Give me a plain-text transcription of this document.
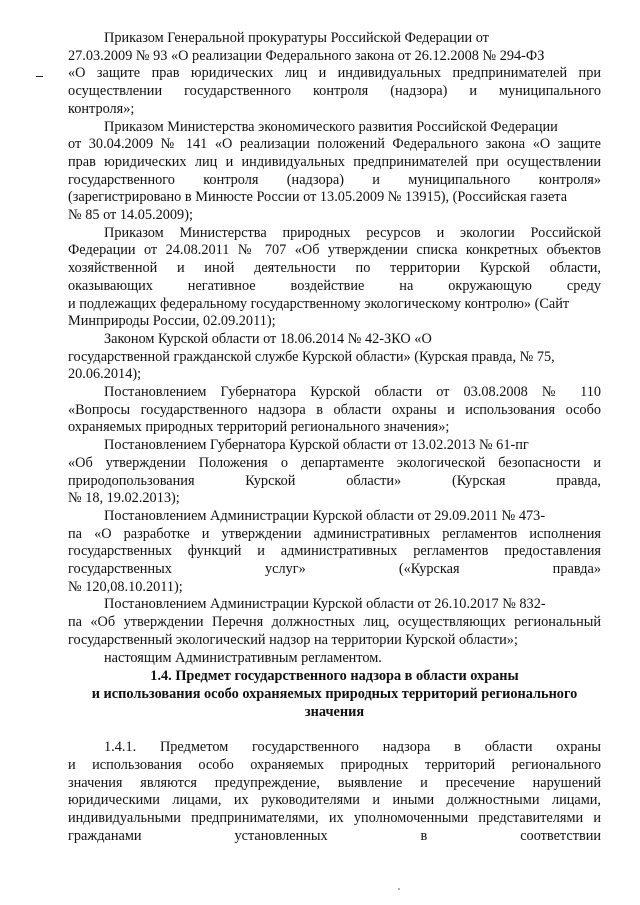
Приказом Генеральной прокуратуры Российской Федерации от
27.03.2009 № 93 «О реализации Федерального закона от 26.12.2008 № 294-ФЗ
«О защите прав юридических лиц и индивидуальных предпринимателей при
осуществлении государственного контроля (надзора) и муниципального
контроля»;
Приказом Министерства экономического развития Российской Федерации
от 30.04.2009 № 141 «О реализации положений Федерального закона «О защите
прав юридических лиц и индивидуальных предпринимателей при осуществлении
государственного контроля (надзора) и муниципального контроля»
(зарегистрировано в Минюсте России от 13.05.2009 № 13915), (Российская газета
№ 85 от 14.05.2009);
Приказом Министерства природных ресурсов и экологии Российской
Федерации от 24.08.2011 № 707 «Об утверждении списка конкретных объектов
хозяйственной и иной деятельности по территории Курской области,
оказывающих негативное воздействие на окружающую среду
и подлежащих федеральному государственному экологическому контролю» (Сайт
Минприроды России, 02.09.2011);
Законом Курской области от 18.06.2014 № 42-ЗКО «О
государственной гражданской службе Курской области» (Курская правда, № 75,
20.06.2014);
Постановлением Губернатора Курской области от 03.08.2008 № 110
«Вопросы государственного надзора в области охраны и использования особо
охраняемых природных территорий регионального значения»;
Постановлением Губернатора Курской области от 13.02.2013 № 61-пг
«Об утверждении Положения о департаменте экологической безопасности и
природопользования Курской области» (Курская правда,
№ 18, 19.02.2013);
Постановлением Администрации Курской области от 29.09.2011 № 473-
па «О разработке и утверждении административных регламентов исполнения
государственных функций и административных регламентов предоставления
государственных услуг» («Курская правда»
№ 120,08.10.2011);
Постановлением Администрации Курской области от 26.10.2017 № 832-
па «Об утверждении Перечня должностных лиц, осуществляющих региональный
государственный экологический надзор на территории Курской области»;
настоящим Административным регламентом.
1.4. Предмет государственного надзора в области охраны
и использования особо охраняемых природных территорий регионального
значения
1.4.1. Предметом государственного надзора в области охраны
и использования особо охраняемых природных территорий регионального
значения являются предупреждение, выявление и пресечение нарушений
юридическими лицами, их руководителями и иными должностными лицами,
индивидуальными предпринимателями, их уполномоченными представителями и
гражданами установленных в соответствии
